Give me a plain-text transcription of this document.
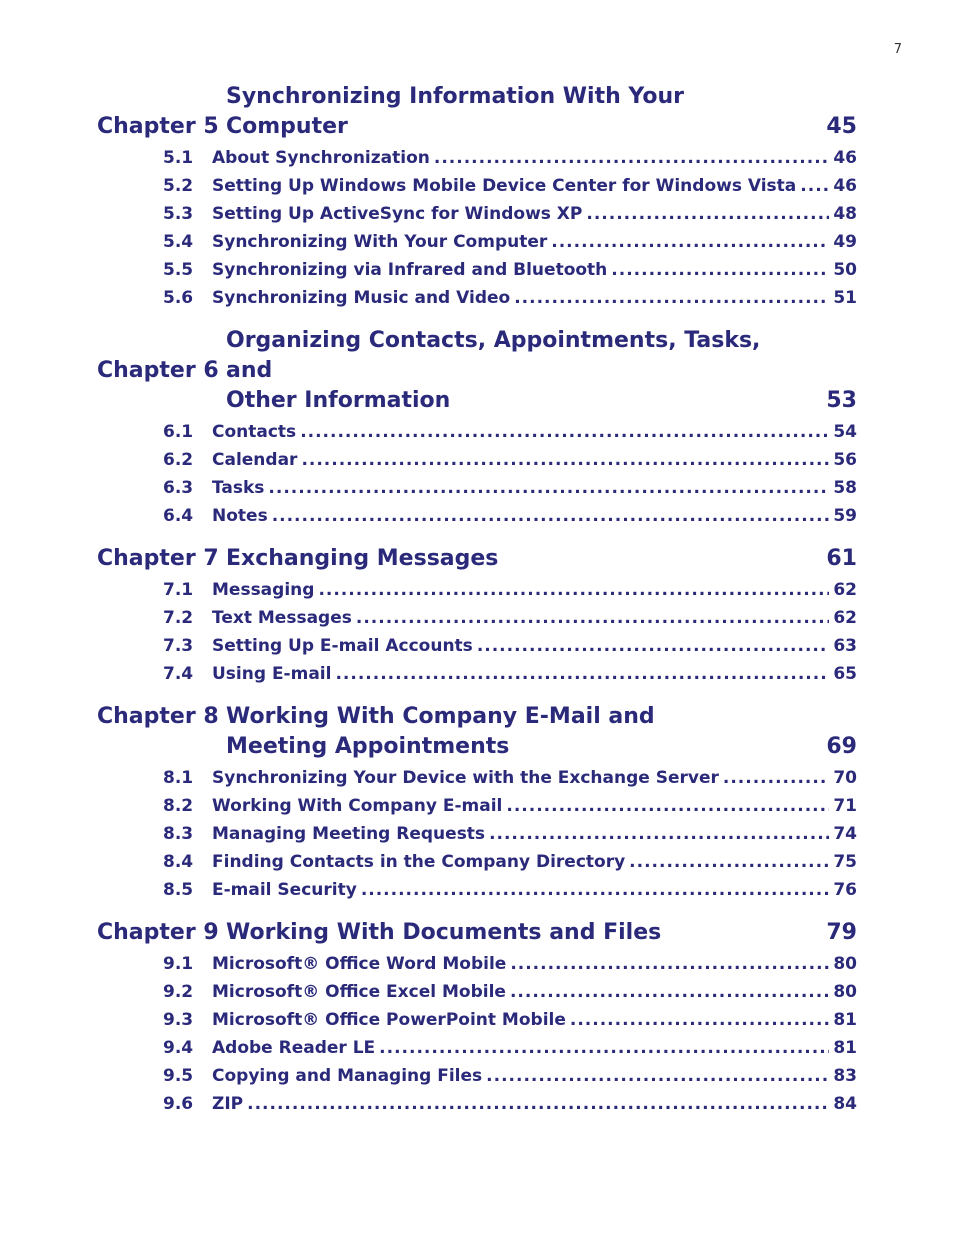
7
Chapter 5
Synchronizing Information With Your Computer	45
5.1	About Synchronization .....	46
5.2	Setting Up Windows Mobile Device Center for Windows Vista ..... 46
5.3	Setting Up ActiveSync for Windows XP .....	48
5.4	Synchronizing With Your Computer .....	49
5.5	Synchronizing via Infrared and Bluetooth .....	50
5.6	Synchronizing Music and Video .....	51
Chapter 6
Organizing Contacts, Appointments, Tasks, and
Other Information	53
6.1	Contacts .....	54
6.2	Calendar .....	56
6.3	Tasks .....	58
6.4	Notes .....	59
Chapter 7 Exchanging Messages	61
7.1	Messaging .....	62
7.2	Text Messages .....	62
7.3	Setting Up E-mail Accounts .....	63
7.4	Using E-mail .....	65
Chapter 8 Working With Company E-Mail and
Meeting Appointments	69
8.1	Synchronizing Your Device with the Exchange Server .....	70
8.2	Working With Company E-mail .....	71
8.3	Managing Meeting Requests .....	74
8.4	Finding Contacts in the Company Directory .....	75
8.5	E-mail Security .....	76
Chapter 9 Working With Documents and Files	79
9.1	Microsoft® Office Word Mobile .....	80
9.2	Microsoft® Office Excel Mobile .....	80
9.3	Microsoft® Office PowerPoint Mobile .....	81
9.4	Adobe Reader LE .....	81
9.5	Copying and Managing Files .....	83
9.6	ZIP .....	84
